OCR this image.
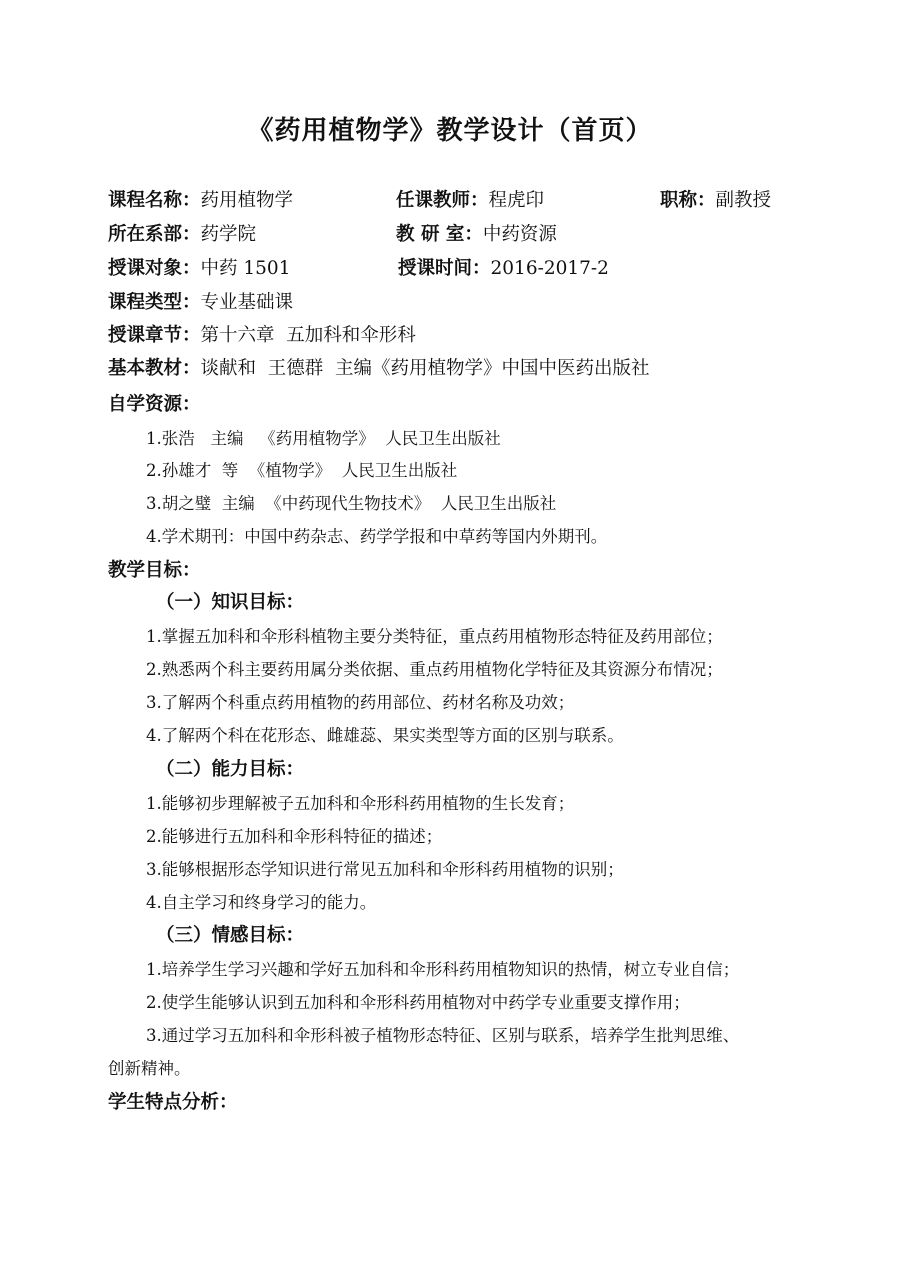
《药用植物学》教学设计（首页）
课程名称：药用植物学	任课教师：程虎印	职称：副教授
所在系部：药学院	教 研 室：中药资源
授课对象：中药 1501	授课时间：2016-2017-2
课程类型：专业基础课
授课章节：第十六章  五加科和伞形科
基本教材：谈献和  王德群  主编《药用植物学》中国中医药出版社
自学资源：
1.张浩   主编   《药用植物学》  人民卫生出版社
2.孙雄才  等  《植物学》  人民卫生出版社
3.胡之璧  主编  《中药现代生物技术》  人民卫生出版社
4.学术期刊：中国中药杂志、药学学报和中草药等国内外期刊。
教学目标：
（一）知识目标：
1.掌握五加科和伞形科植物主要分类特征，重点药用植物形态特征及药用部位；
2.熟悉两个科主要药用属分类依据、重点药用植物化学特征及其资源分布情况；
3.了解两个科重点药用植物的药用部位、药材名称及功效；
4.了解两个科在花形态、雌雄蕊、果实类型等方面的区别与联系。
（二）能力目标：
1.能够初步理解被子五加科和伞形科药用植物的生长发育；
2.能够进行五加科和伞形科特征的描述；
3.能够根据形态学知识进行常见五加科和伞形科药用植物的识别；
4.自主学习和终身学习的能力。
（三）情感目标：
1.培养学生学习兴趣和学好五加科和伞形科药用植物知识的热情，树立专业自信；
2.使学生能够认识到五加科和伞形科药用植物对中药学专业重要支撑作用；
3.通过学习五加科和伞形科被子植物形态特征、区别与联系，培养学生批判思维、
创新精神。
学生特点分析：
